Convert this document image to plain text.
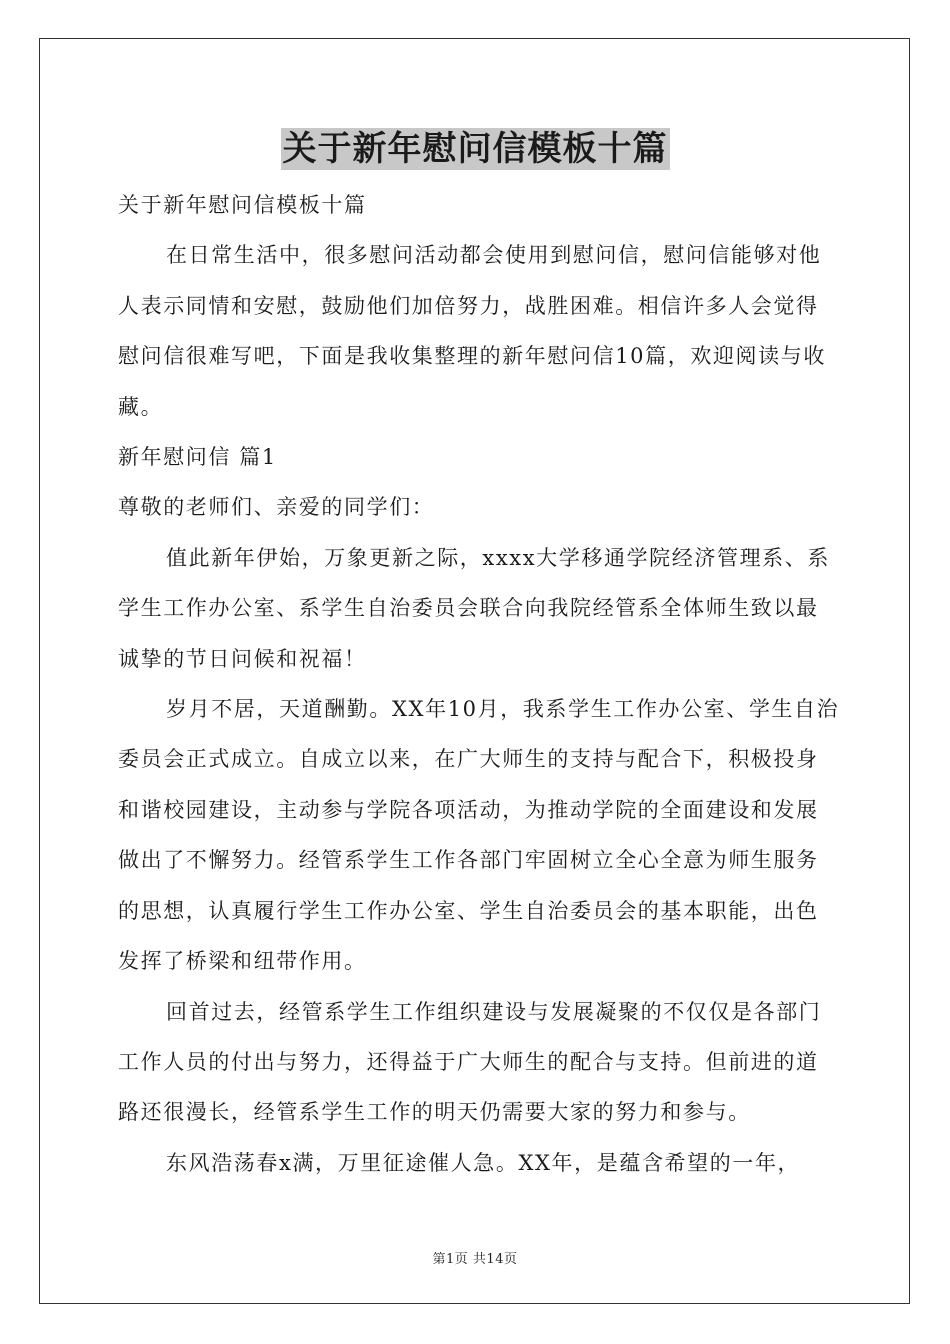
关于新年慰问信模板十篇

关于新年慰问信模板十篇

在日常生活中，很多慰问活动都会使用到慰问信，慰问信能够对他人表示同情和安慰，鼓励他们加倍努力，战胜困难。相信许多人会觉得慰问信很难写吧，下面是我收集整理的新年慰问信10篇，欢迎阅读与收藏。

新年慰问信 篇1

尊敬的老师们、亲爱的同学们：

值此新年伊始，万象更新之际，xxxx大学移通学院经济管理系、系学生工作办公室、系学生自治委员会联合向我院经管系全体师生致以最诚挚的节日问候和祝福！

岁月不居，天道酬勤。XX年10月，我系学生工作办公室、学生自治委员会正式成立。自成立以来，在广大师生的支持与配合下，积极投身和谐校园建设，主动参与学院各项活动，为推动学院的全面建设和发展做出了不懈努力。经管系学生工作各部门牢固树立全心全意为师生服务的思想，认真履行学生工作办公室、学生自治委员会的基本职能，出色发挥了桥梁和纽带作用。

回首过去，经管系学生工作组织建设与发展凝聚的不仅仅是各部门工作人员的付出与努力，还得益于广大师生的配合与支持。但前进的道路还很漫长，经管系学生工作的明天仍需要大家的努力和参与。

东风浩荡春x满，万里征途催人急。XX年，是蕴含希望的一年，

第1页 共14页
